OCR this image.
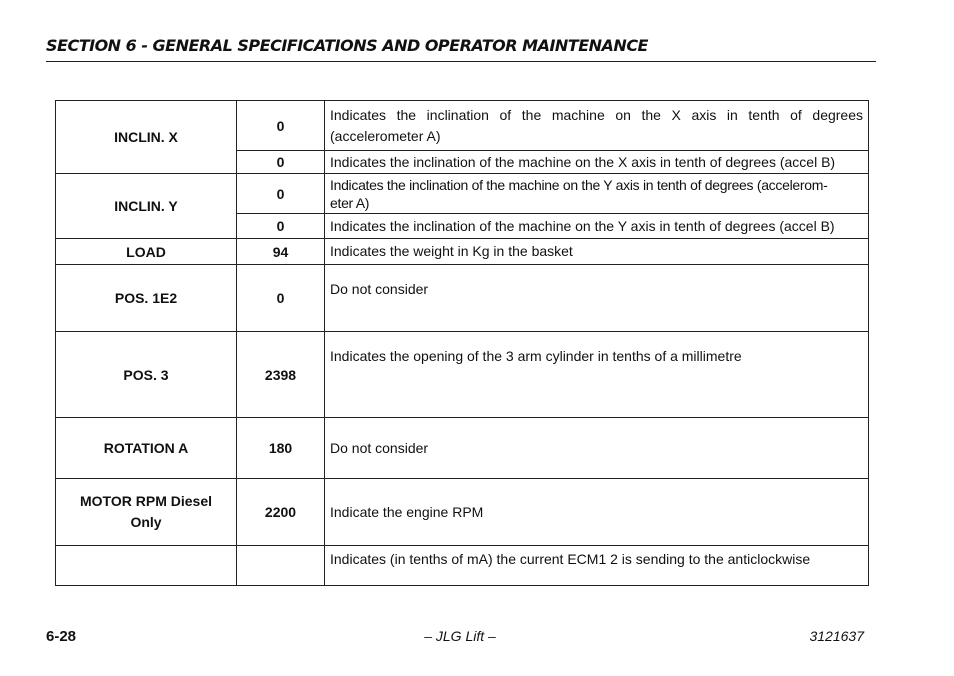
SECTION 6 - GENERAL SPECIFICATIONS AND OPERATOR MAINTENANCE
INCLIN. X	0	Indicates the inclination of the machine on the X axis in tenth of degrees
(accelerometer A)

	0	Indicates the inclination of the machine on the X axis in tenth of degrees (accel B)
INCLIN. Y	0	Indicates the inclination of the machine on the Y axis in tenth of degrees (accelerom-
eter A)

	0	Indicates the inclination of the machine on the Y axis in tenth of degrees (accel B)
LOAD	94	Indicates the weight in Kg in the basket
POS. 1E2	0	Do not consider
POS. 3	2398	Indicates the opening of the 3 arm cylinder in tenths of a millimetre
ROTATION A	180	Do not consider

MOTOR RPM Diesel
Only	2200	Indicate the engine RPM
		Indicates (in tenths of mA) the current ECM1 2 is sending to the anticlockwise
6-28	– JLG Lift –	3121637
